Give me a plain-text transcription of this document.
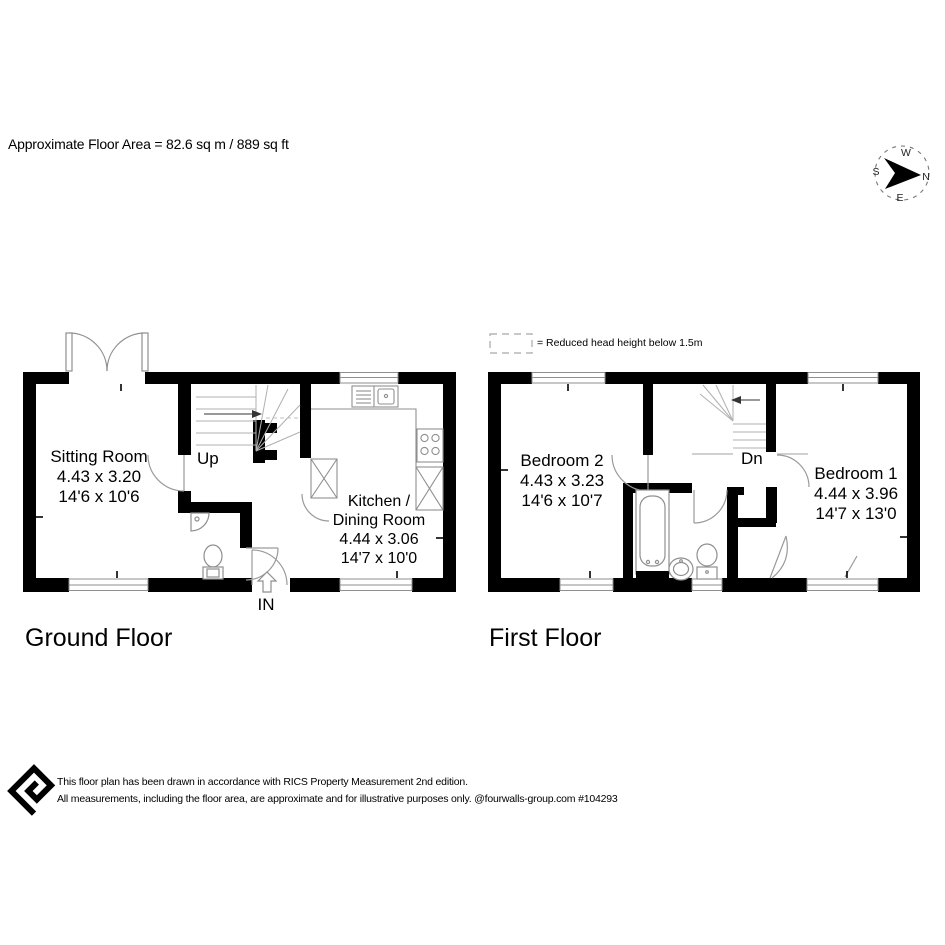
W
N
E
S
Approximate Floor Area = 82.6 sq m / 889 sq ft
Sitting Room
4.43 x 3.20
14'6 x 10'6	Kitchen /
Dining Room
4.44 x 3.06
14'7 x 10'0
Up
IN
Bedroom 2
4.43 x 3.23
14'6 x 10'7
Dn
Bedroom 1
4.44 x 3.96
14'7 x 13'0
= Reduced head height below 1.5m
Ground Floor	First Floor
This floor plan has been drawn in accordance with RICS Property Measurement 2nd edition.
All measurements, including the floor area, are approximate and for illustrative purposes only. @fourwalls-group.com #104293
